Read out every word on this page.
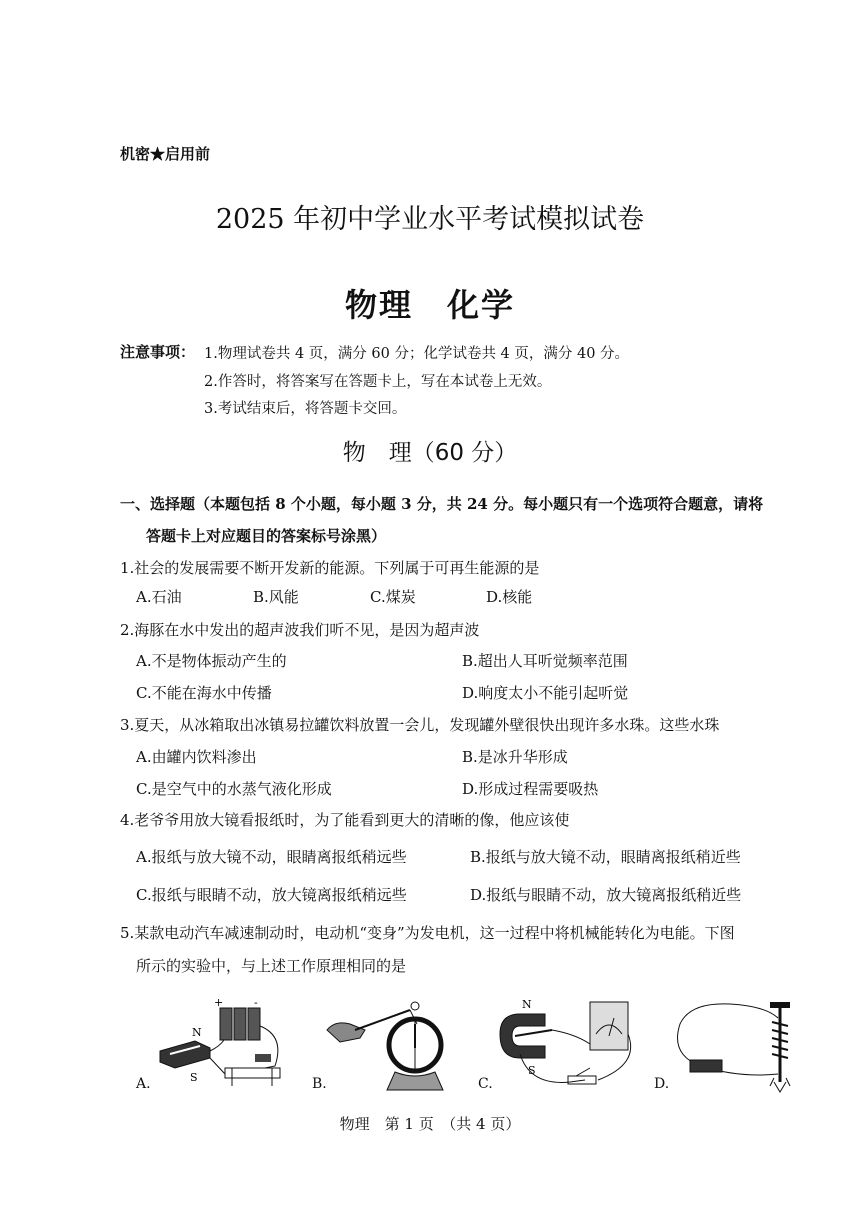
机密★启用前
2025 年初中学业水平考试模拟试卷
物理　化学
注意事项： 1.物理试卷共 4 页，满分 60 分；化学试卷共 4 页，满分 40 分。
2.作答时，将答案写在答题卡上，写在本试卷上无效。
3.考试结束后，将答题卡交回。
物　理（60 分）
一、选择题（本题包括 8 个小题，每小题 3 分，共 24 分。每小题只有一个选项符合题意，请将
答题卡上对应题目的答案标号涂黑）
1.社会的发展需要不断开发新的能源。下列属于可再生能源的是
A.石油	B.风能	C.煤炭	D.核能
2.海豚在水中发出的超声波我们听不见，是因为超声波
A.不是物体振动产生的	B.超出人耳听觉频率范围
C.不能在海水中传播	D.响度太小不能引起听觉
3.夏天，从冰箱取出冰镇易拉罐饮料放置一会儿，发现罐外壁很快出现许多水珠。这些水珠
A.由罐内饮料渗出	B.是冰升华形成
C.是空气中的水蒸气液化形成	D.形成过程需要吸热
4.老爷爷用放大镜看报纸时，为了能看到更大的清晰的像，他应该使
A.报纸与放大镜不动，眼睛离报纸稍远些	B.报纸与放大镜不动，眼睛离报纸稍近些
C.报纸与眼睛不动，放大镜离报纸稍远些	D.报纸与眼睛不动，放大镜离报纸稍近些
5.某款电动汽车减速制动时，电动机“变身”为发电机，这一过程中将机械能转化为电能。下图
所示的实验中，与上述工作原理相同的是
+	-
N
S
A.	B.
N
S
C.	D.
物理　第 1 页　（共 4 页）
